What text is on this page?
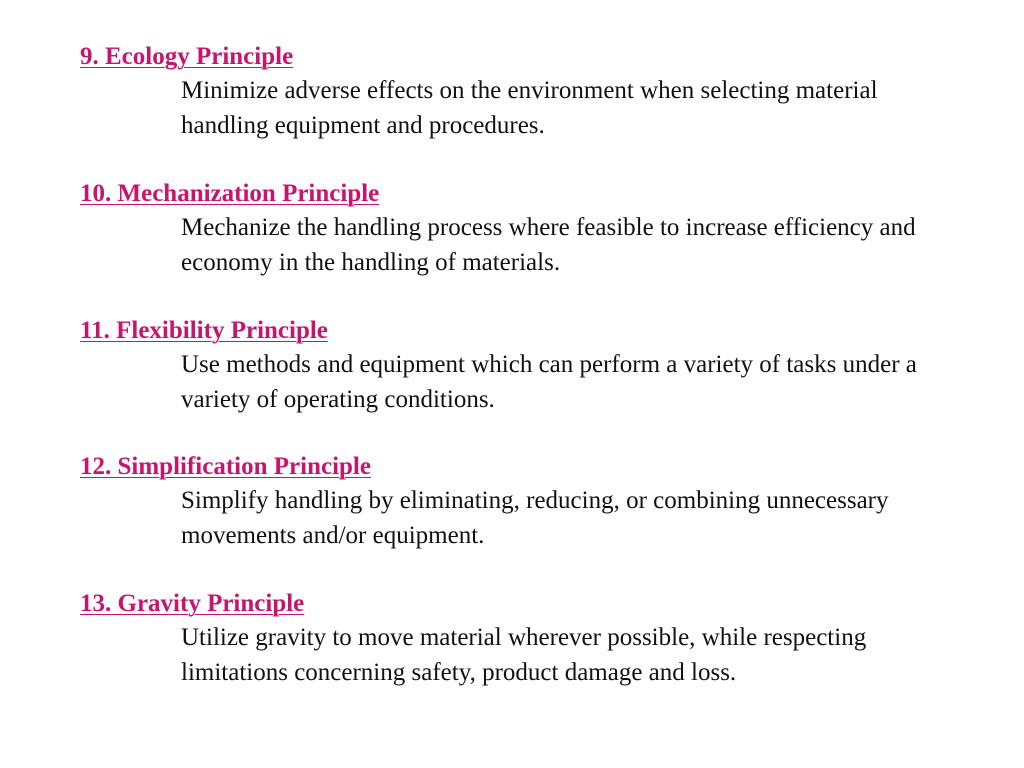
9. Ecology Principle
Minimize adverse effects on the environment when selecting material handling equipment and procedures.
10. Mechanization Principle
Mechanize the handling process where feasible to increase efficiency and economy in the handling of materials.
11. Flexibility Principle
Use methods and equipment which can perform a variety of tasks under a variety of operating conditions.
12. Simplification Principle
Simplify handling by eliminating, reducing, or combining unnecessary movements and/or equipment.
13. Gravity Principle
Utilize gravity to move material wherever possible, while respecting limitations concerning safety, product damage and loss.
